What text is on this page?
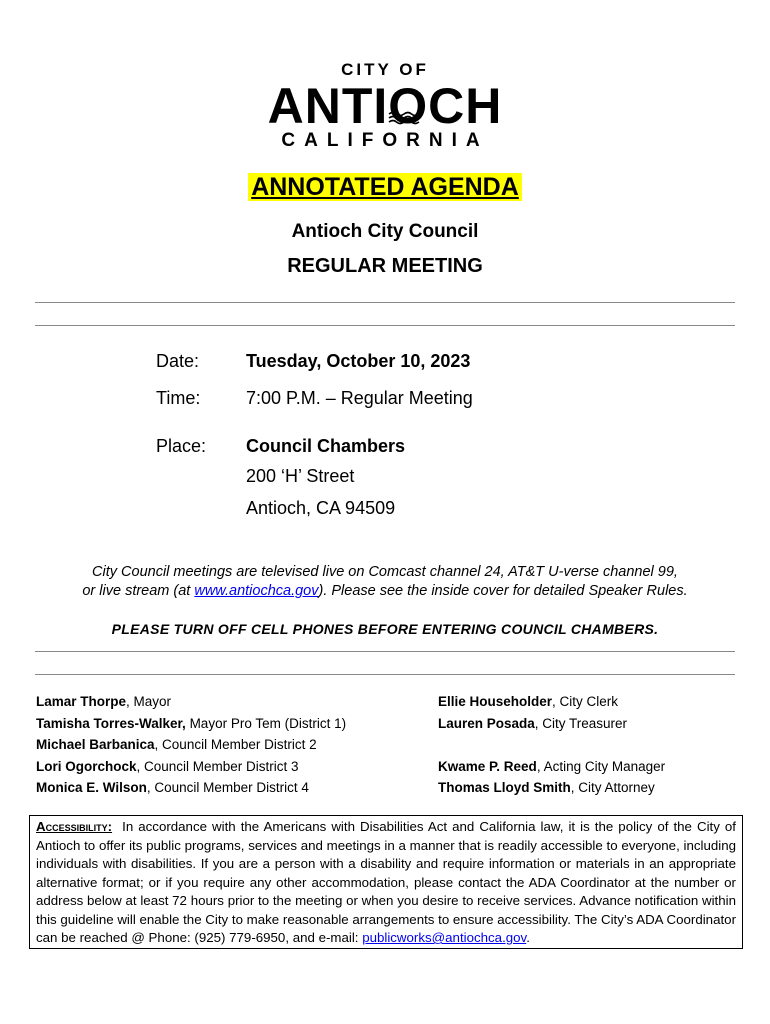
CITY OF
ANTIOCH
CALIFORNIA
ANNOTATED AGENDA
Antioch City Council
REGULAR MEETING
Date:	Tuesday, October 10, 2023
Time:	7:00 P.M. – Regular Meeting
Place: Council Chambers
200 ‘H’ Street
Antioch, CA 94509
City Council meetings are televised live on Comcast channel 24, AT&T U-verse channel 99,
or live stream (at www.antiochca.gov). Please see the inside cover for detailed Speaker Rules.
PLEASE TURN OFF CELL PHONES BEFORE ENTERING COUNCIL CHAMBERS.
Lamar Thorpe, Mayor
Tamisha Torres-Walker, Mayor Pro Tem (District 1)
Michael Barbanica, Council Member District 2
Lori Ogorchock, Council Member District 3
Monica E. Wilson, Council Member District 4
Ellie Householder, City Clerk
Lauren Posada, City Treasurer
Kwame P. Reed, Acting City Manager
Thomas Lloyd Smith, City Attorney
Accessibility: In accordance with the Americans with Disabilities Act and California law, it is the policy of the City of Antioch to offer its public programs, services and meetings in a manner that is readily accessible to everyone, including individuals with disabilities. If you are a person with a disability and require information or materials in an appropriate alternative format; or if you require any other accommodation, please contact the ADA Coordinator at the number or address below at least 72 hours prior to the meeting or when you desire to receive services. Advance notification within this guideline will enable the City to make reasonable arrangements to ensure accessibility. The City’s ADA Coordinator can be reached @ Phone: (925) 779-6950, and e-mail: publicworks@antiochca.gov.
